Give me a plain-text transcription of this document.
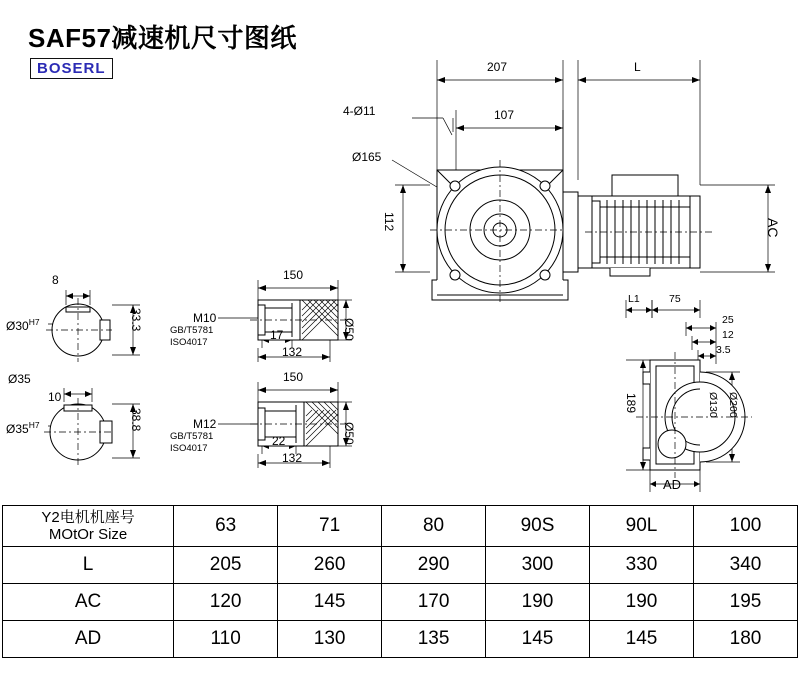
SAF57减速机尺寸图纸
BOSERL	207	L
107
4-Ø11
Ø165
112	AC
8
$Ø30^{H7}$	33.3
Ø35
10
$Ø35^{H7}$	38.8
150
M10
GB/T5781
ISO4017
17
132
Ø50
150
M12
GB/T5781
ISO4017
22
132
Ø50
L1	75
25
12
3.5
189	Ø130 Ø200
AD
Y2电机机座号
MOtOr Size	63	71	80	90S	90L	100
L	205	260	290	300	330	340
AC	120	145	170	190	190	195
AD	110	130	135	145	145	180
